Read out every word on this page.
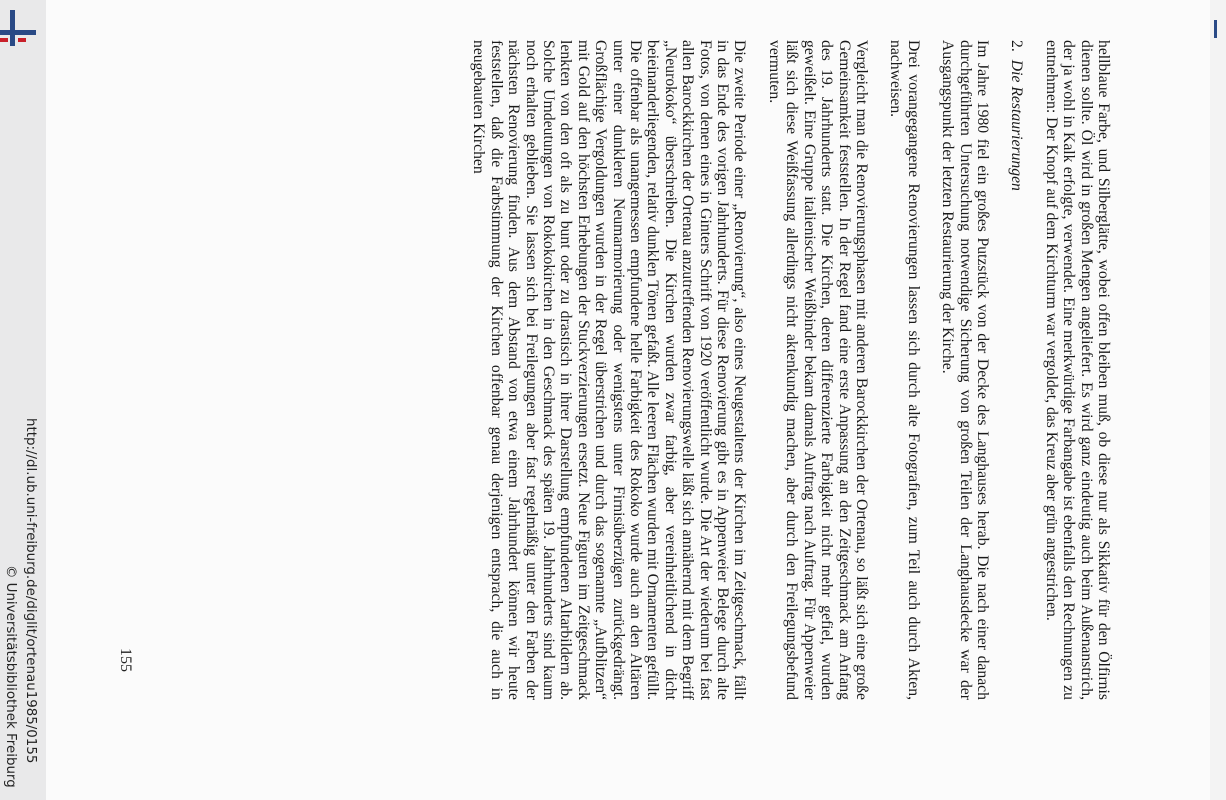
http://dl.ub.uni-freiburg.de/diglit/ortenau1985/0155
© Universitätsbibliothek Freiburg	hellblaue Farbe, und Silberglätte, wobei offen bleiben muß, ob diese nur als Sikkativ für den Ölfirnis dienen sollte. Öl wird in großen Mengen angeliefert. Es wird ganz eindeutig auch beim Außenanstrich, der ja wohl in Kalk erfolgte, verwendet. Eine merkwürdige Farbangabe ist ebenfalls den Rechnungen zu entnehmen: Der Knopf auf dem Kirchturm war vergoldet, das Kreuz aber grün angestrichen.

2.Die Restaurierungen

Im Jahre 1980 fiel ein großes Putzstück von der Decke des Langhauses herab. Die nach einer danach durchgeführten Untersuchung notwendige Sicherung von großen Teilen der Langhausdecke war der Ausgangspunkt der letzten Restaurierung der Kirche.

Drei vorangegangene Renovierungen lassen sich durch alte Fotografien, zum Teil auch durch Akten, nachweisen.

Vergleicht man die Renovierungsphasen mit anderen Barockkirchen der Ortenau, so läßt sich eine große Gemeinsamkeit feststellen. In der Regel fand eine erste Anpassung an den Zeitgeschmack am Anfang des 19. Jahrhunderts statt. Die Kirchen, deren differenzierte Farbigkeit nicht mehr gefiel, wurden geweißelt. Eine Gruppe italienischer Weißbinder bekam damals Auftrag nach Auftrag. Für Appenweier läßt sich diese Weißfassung allerdings nicht aktenkundig machen, aber durch den Freilegungsbefund vermuten.

Die zweite Periode einer „Renovierung“, also eines Neugestaltens der Kirchen im Zeitgeschmack, fällt in das Ende des vorigen Jahrhunderts. Für diese Renovierung gibt es in Appenweier Belege durch alte Fotos, von denen eines in Ginters Schrift von 1920 veröffentlicht wurde. Die Art der wiederum bei fast allen Barockkirchen der Ortenau anzutreffenden Renovierungswelle läßt sich annähernd mit dem Begriff „Neurokoko“ überschreiben. Die Kirchen wurden zwar farbig, aber vereinheitlichend in dicht beieinanderliegenden, relativ dunklen Tönen gefaßt. Alle leeren Flächen wurden mit Ornamenten gefüllt. Die offenbar als unangemessen empfundene helle Farbigkeit des Rokoko wurde auch an den Altären unter einer dunkleren Neumarmorierung oder wenigstens unter Firnisüberzügen zurückgedrängt. Großflächige Vergoldungen wurden in der Regel überstrichen und durch das sogenannte „Aufblitzen“ mit Gold auf den höchsten Erhebungen der Stuckverzierungen ersetzt. Neue Figuren im Zeitgeschmack lenkten von den oft als zu bunt oder zu drastisch in ihrer Darstellung empfundenen Altarbildern ab. Solche Umdeutungen von Rokokokirchen in den Geschmack des späten 19. Jahrhunderts sind kaum noch erhalten geblieben. Sie lassen sich bei Freilegungen aber fast regelmäßig unter den Farben der nächsten Renovierung finden. Aus dem Abstand von etwa einem Jahrhundert können wir heute feststellen, daß die Farbstimmung der Kirchen offenbar genau derjenigen entsprach, die auch in neugebauten Kirchen

155
